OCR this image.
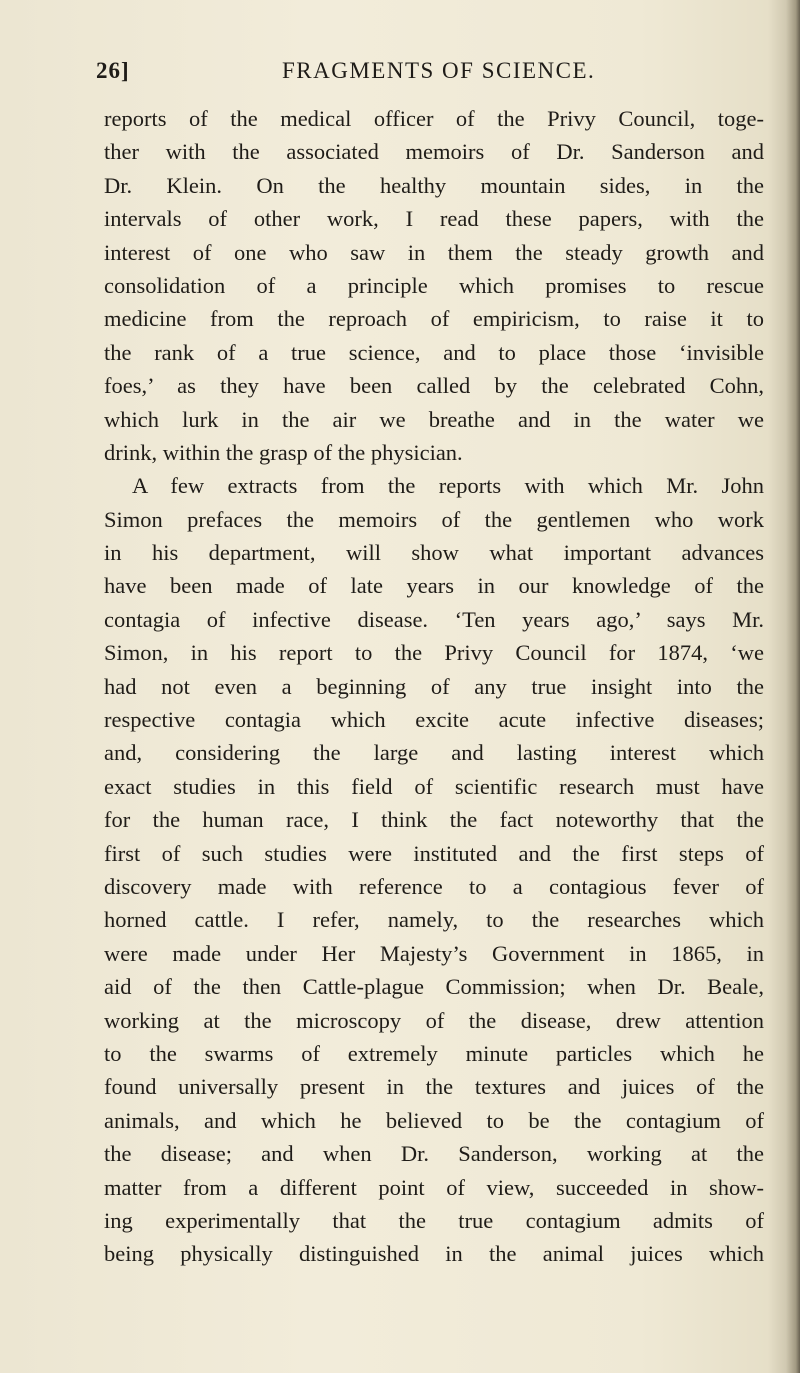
26]	FRAGMENTS OF SCIENCE.
reports of the medical officer of the Privy Council, toge-
ther with the associated memoirs of Dr. Sanderson and
Dr. Klein. On the healthy mountain sides, in the
intervals of other work, I read these papers, with the
interest of one who saw in them the steady growth and
consolidation of a principle which promises to rescue
medicine from the reproach of empiricism, to raise it to
the rank of a true science, and to place those ‘invisible
foes,’ as they have been called by the celebrated Cohn,
which lurk in the air we breathe and in the water we
drink, within the grasp of the physician.
A few extracts from the reports with which Mr. John
Simon prefaces the memoirs of the gentlemen who work
in his department, will show what important advances
have been made of late years in our knowledge of the
contagia of infective disease. ‘Ten years ago,’ says Mr.
Simon, in his report to the Privy Council for 1874, ‘we
had not even a beginning of any true insight into the
respective contagia which excite acute infective diseases;
and, considering the large and lasting interest which
exact studies in this field of scientific research must have
for the human race, I think the fact noteworthy that the
first of such studies were instituted and the first steps of
discovery made with reference to a contagious fever of
horned cattle. I refer, namely, to the researches which
were made under Her Majesty’s Government in 1865, in
aid of the then Cattle-plague Commission; when Dr. Beale,
working at the microscopy of the disease, drew attention
to the swarms of extremely minute particles which he
found universally present in the textures and juices of the
animals, and which he believed to be the contagium of
the disease; and when Dr. Sanderson, working at the
matter from a different point of view, succeeded in show-
ing experimentally that the true contagium admits of
being physically distinguished in the animal juices which
